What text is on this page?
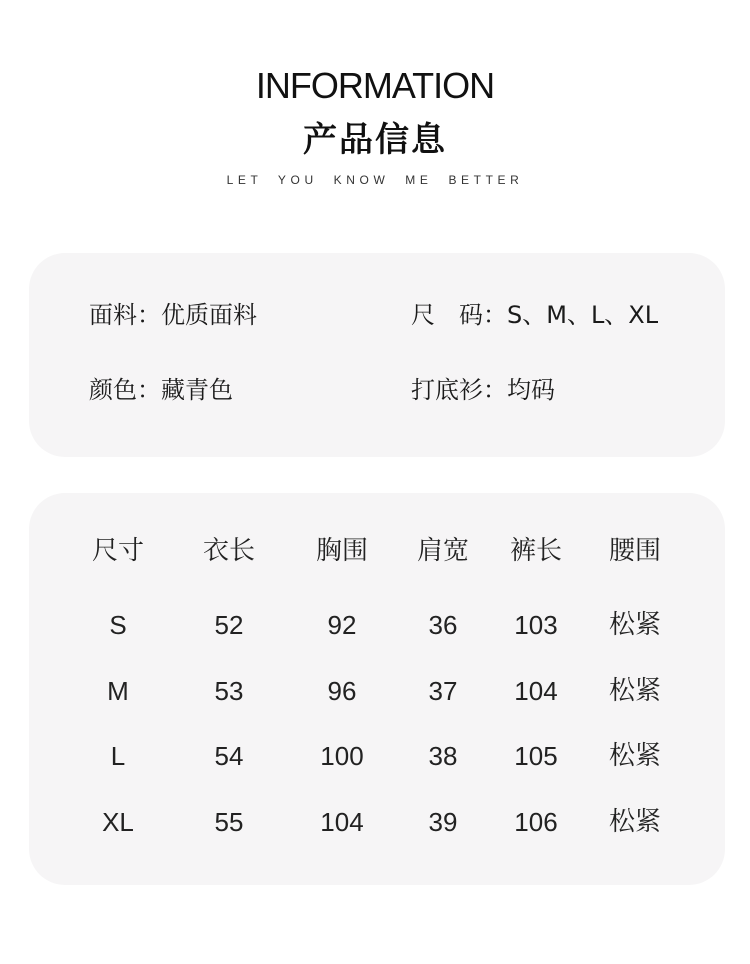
INFORMATION
产品信息
LET YOU KNOW ME BETTER
面料：优质面料	尺　码：S、M、L、XL
颜色：藏青色	打底衫：均码
尺寸	衣长	胸围	肩宽	裤长	腰围
S	52	92	36	103	松紧
M	53	96	37	104	松紧
L	54	100	38	105	松紧
XL	55	104	39	106	松紧
